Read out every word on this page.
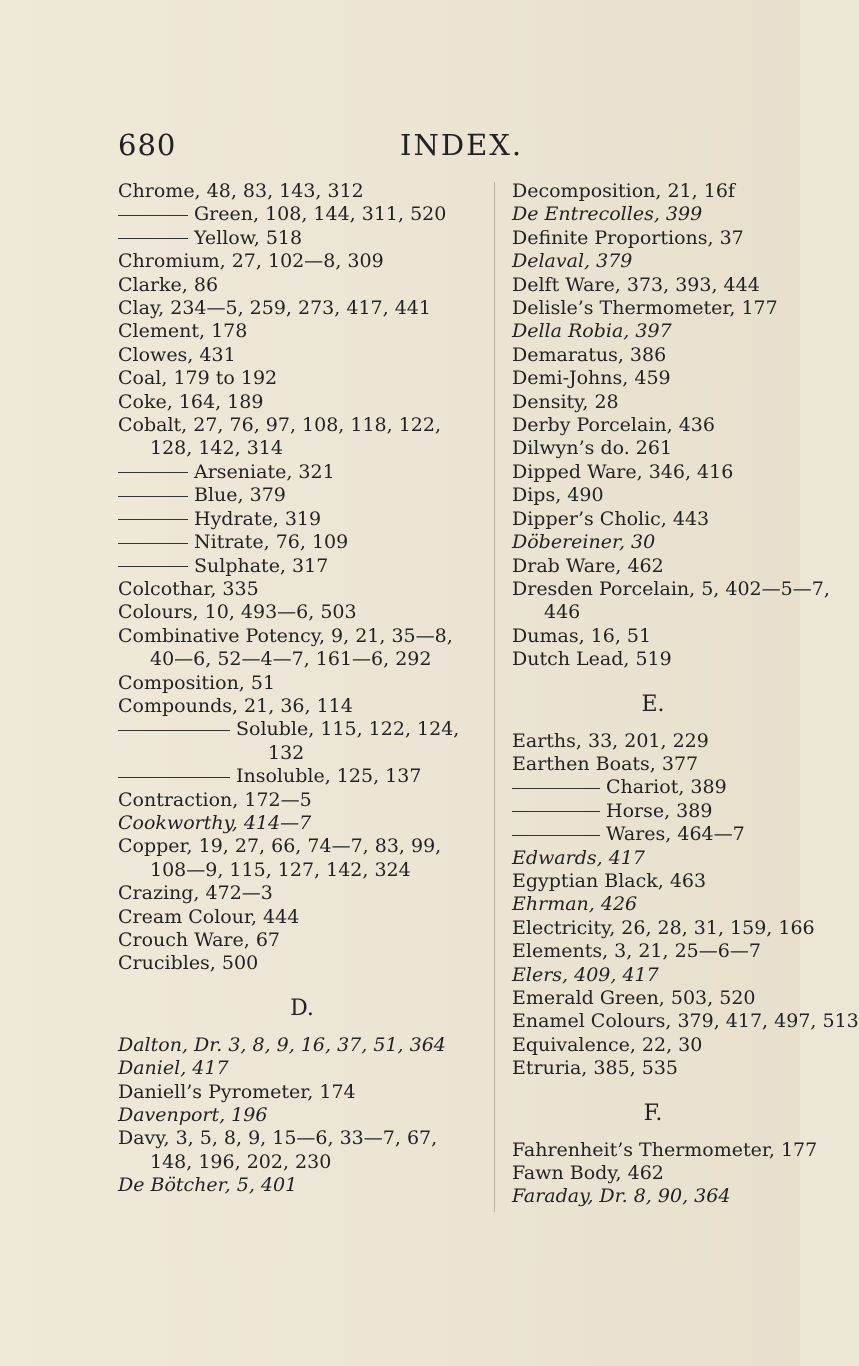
680	INDEX.
Chrome, 48, 83, 143, 312
Green, 108, 144, 311, 520
Yellow, 518
Chromium, 27, 102—8, 309
Clarke, 86
Clay, 234—5, 259, 273, 417, 441
Clement, 178
Clowes, 431
Coal, 179 to 192
Coke, 164, 189
Cobalt, 27, 76, 97, 108, 118, 122,
128, 142, 314
Arseniate, 321
Blue, 379
Hydrate, 319
Nitrate, 76, 109
Sulphate, 317
Colcothar, 335
Colours, 10, 493—6, 503
Combinative Potency, 9, 21, 35—8,
40—6, 52—4—7, 161—6, 292
Composition, 51
Compounds, 21, 36, 114
Soluble, 115, 122, 124,
132
Insoluble, 125, 137
Contraction, 172—5
Cookworthy, 414—7
Copper, 19, 27, 66, 74—7, 83, 99,
108—9, 115, 127, 142, 324
Crazing, 472—3
Cream Colour, 444
Crouch Ware, 67
Crucibles, 500
D.
Dalton, Dr. 3, 8, 9, 16, 37, 51, 364
Daniel, 417
Daniell’s Pyrometer, 174
Davenport, 196
Davy, 3, 5, 8, 9, 15—6, 33—7, 67,
148, 196, 202, 230
De Bötcher, 5, 401
Decomposition, 21, 16f
De Entrecolles, 399
Definite Proportions, 37
Delaval, 379
Delft Ware, 373, 393, 444
Delisle’s Thermometer, 177
Della Robia, 397
Demaratus, 386
Demi-Johns, 459
Density, 28
Derby Porcelain, 436
Dilwyn’s do. 261
Dipped Ware, 346, 416
Dips, 490
Dipper’s Cholic, 443
Döbereiner, 30
Drab Ware, 462
Dresden Porcelain, 5, 402—5—7,
446
Dumas, 16, 51
Dutch Lead, 519
E.
Earths, 33, 201, 229
Earthen Boats, 377
Chariot, 389
Horse, 389
Wares, 464—7
Edwards, 417
Egyptian Black, 463
Ehrman, 426
Electricity, 26, 28, 31, 159, 166
Elements, 3, 21, 25—6—7
Elers, 409, 417
Emerald Green, 503, 520
Enamel Colours, 379, 417, 497, 513
Equivalence, 22, 30
Etruria, 385, 535
F.
Fahrenheit’s Thermometer, 177
Fawn Body, 462
Faraday, Dr. 8, 90, 364
